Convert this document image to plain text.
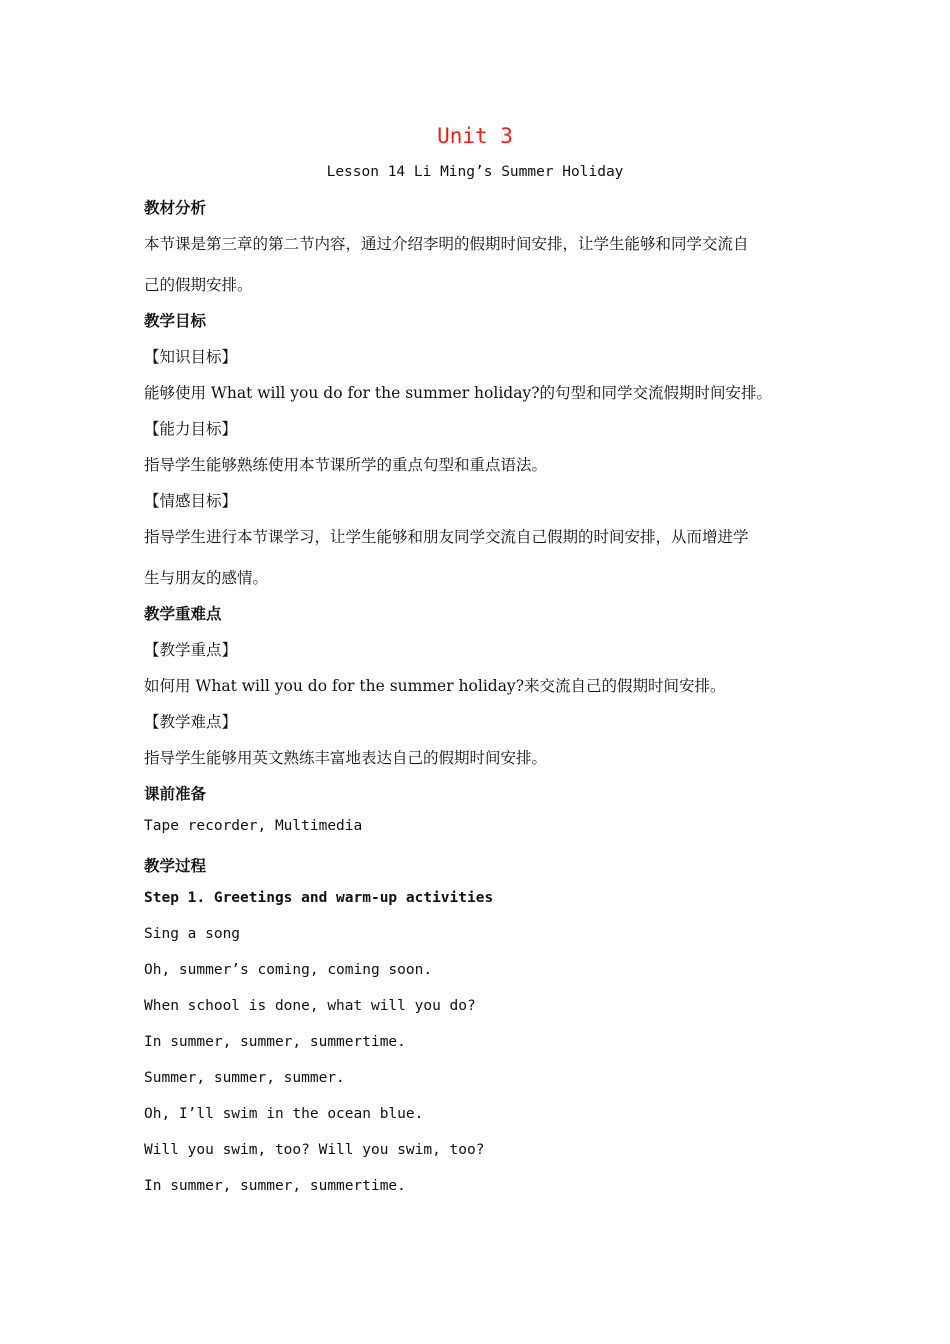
Unit 3
Lesson 14 Li Ming’s Summer Holiday
教材分析
本节课是第三章的第二节内容，通过介绍李明的假期时间安排，让学生能够和同学交流自
己的假期安排。
教学目标
【知识目标】
能够使用 What will you do for the summer holiday?的句型和同学交流假期时间安排。
【能力目标】
指导学生能够熟练使用本节课所学的重点句型和重点语法。
【情感目标】
指导学生进行本节课学习，让学生能够和朋友同学交流自己假期的时间安排，从而增进学
生与朋友的感情。
教学重难点
【教学重点】
如何用 What will you do for the summer holiday?来交流自己的假期时间安排。
【教学难点】
指导学生能够用英文熟练丰富地表达自己的假期时间安排。
课前准备
Tape recorder, Multimedia
教学过程
Step 1. Greetings and warm-up activities
Sing a song
Oh, summer’s coming, coming soon.
When school is done, what will you do?
In summer, summer, summertime.
Summer, summer, summer.
Oh, I’ll swim in the ocean blue.
Will you swim, too? Will you swim, too?
In summer, summer, summertime.
